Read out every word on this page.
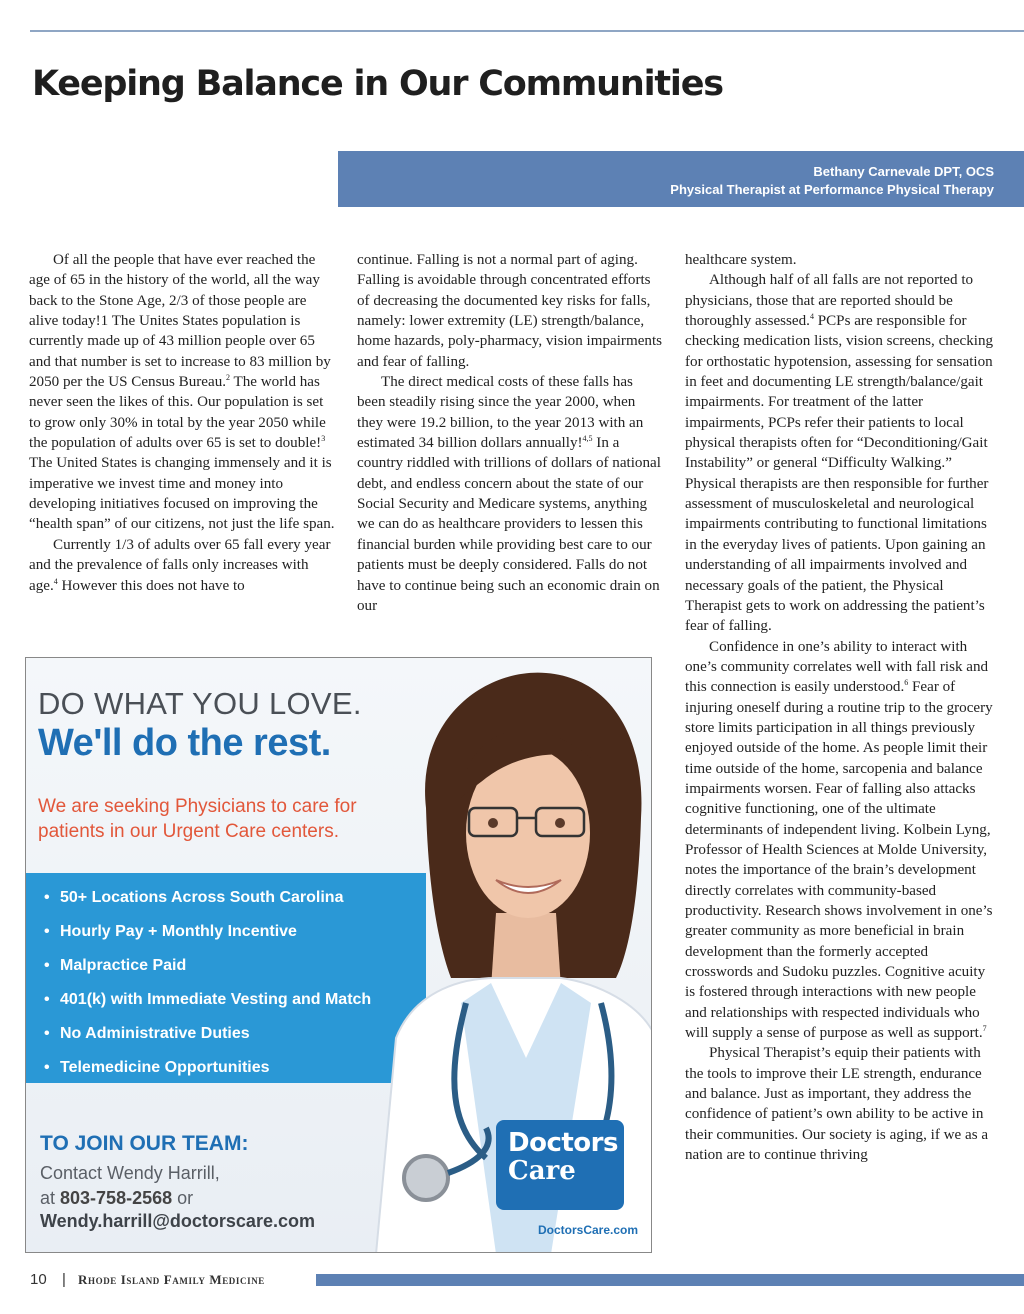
Keeping Balance in Our Communities
Bethany Carnevale DPT, OCS
Physical Therapist at Performance Physical Therapy

Of all the people that have ever reached the age of 65 in the history of the world, all the way back to the Stone Age, 2/3 of those people are alive today!1 The Unites States population is currently made up of 43 million people over 65 and that number is set to increase to 83 million by 2050 per the US Census Bureau.$^2$ The world has never seen the likes of this. Our population is set to grow only 30% in total by the year 2050 while the population of adults over 65 is set to double!$^3$ The United States is changing immensely and it is imperative we invest time and money into developing initiatives focused on improving the “health span” of our citizens, not just the life span.

Currently 1/3 of adults over 65 fall every year and the prevalence of falls only increases with age.$^4$ However this does not have to

continue. Falling is not a normal part of aging. Falling is avoidable through concentrated efforts of decreasing the documented key risks for falls, namely: lower extremity (LE) strength/balance, home hazards, poly-pharmacy, vision impairments and fear of falling.

The direct medical costs of these falls has been steadily rising since the year 2000, when they were 19.2 billion, to the year 2013 with an estimated 34 billion dollars annually!$^{4,5}$ In a country riddled with trillions of dollars of national debt, and endless concern about the state of our Social Security and Medicare systems, anything we can do as healthcare providers to lessen this financial burden while providing best care to our patients must be deeply considered. Falls do not have to continue being such an economic drain on our

healthcare system.

Although half of all falls are not reported to physicians, those that are reported should be thoroughly assessed.$^4$ PCPs are responsible for checking medication lists, vision screens, checking for orthostatic hypotension, assessing for sensation in feet and documenting LE strength/balance/gait impairments. For treatment of the latter impairments, PCPs refer their patients to local physical therapists often for “Deconditioning/Gait Instability” or general “Difficulty Walking.” Physical therapists are then responsible for further assessment of musculoskeletal and neurological impairments contributing to functional limitations in the everyday lives of patients. Upon gaining an understanding of all impairments involved and necessary goals of the patient, the Physical Therapist gets to work on addressing the patient’s fear of falling.

Confidence in one’s ability to interact with one’s community correlates well with fall risk and this connection is easily understood.$^6$ Fear of injuring oneself during a routine trip to the grocery store limits participation in all things previously enjoyed outside of the home. As people limit their time outside of the home, sarcopenia and balance impairments worsen. Fear of falling also attacks cognitive functioning, one of the ultimate determinants of independent living. Kolbein Lyng, Professor of Health Sciences at Molde University, notes the importance of the brain’s development directly correlates with community-based productivity. Research shows involvement in one’s greater community as more beneficial in brain development than the formerly accepted crosswords and Sudoku puzzles. Cognitive acuity is fostered through interactions with new people and relationships with respected individuals who will supply a sense of purpose as well as support.$^7$

Physical Therapist’s equip their patients with the tools to improve their LE strength, endurance and balance. Just as important, they address the confidence of patient’s own ability to be active in their communities. Our society is aging, if we as a nation are to continue thriving

DO WHAT YOU LOVE.
We'll do the rest.
We are seeking Physicians to care for patients in our Urgent Care centers.
• 50+ Locations Across South Carolina
• Hourly Pay + Monthly Incentive
• Malpractice Paid
• 401(k) with Immediate Vesting and Match
• No Administrative Duties
• Telemedicine Opportunities
TO JOIN OUR TEAM:
Contact Wendy Harrill,
at 803-758-2568 or
Wendy.harrill@doctorscare.com
Doctors
Care
DoctorsCare.com
10 | Rhode Island Family Medicine
